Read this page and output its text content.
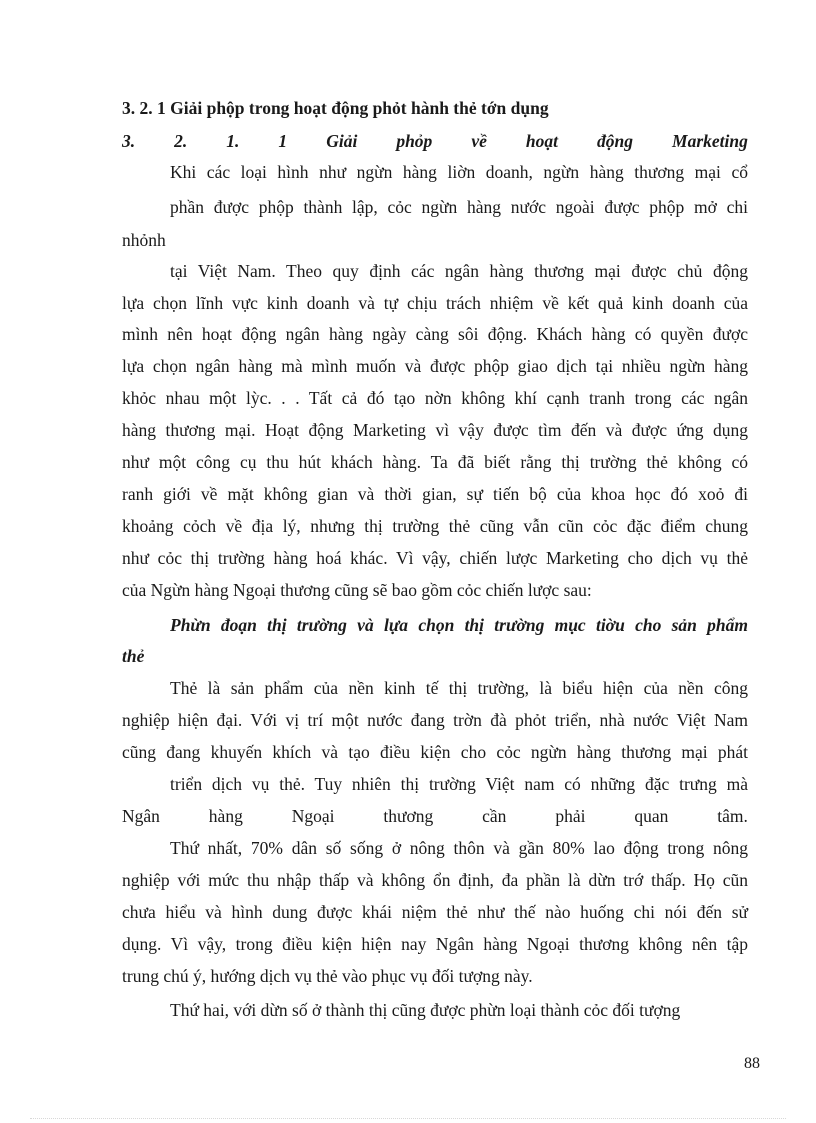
3. 2. 1 Giải phộp trong hoạt động phỏt hành thẻ tớn dụng
3. 2. 1. 1 Giải phỏp về hoạt động Marketing
Khi các loại hình như ngừn hàng liờn doanh, ngừn hàng thương mại cổ
phần được phộp thành lập, cỏc ngừn hàng nước ngoài được phộp mở chi
nhỏnh
tại Việt Nam. Theo quy định các ngân hàng thương mại được chủ động
lựa chọn lĩnh vực kinh doanh và tự chịu trách nhiệm về kết quả kinh doanh của
mình nên hoạt động ngân hàng ngày càng sôi động. Khách hàng có quyền được
lựa chọn ngân hàng mà mình muốn và được phộp giao dịch tại nhiều ngừn hàng
khỏc nhau một lỳc. . . Tất cả đó tạo nờn không khí cạnh tranh trong các ngân
hàng thương mại. Hoạt động Marketing vì vậy được tìm đến và được ứng dụng
như một công cụ thu hút khách hàng. Ta đã biết rằng thị trường thẻ không có
ranh giới về mặt không gian và thời gian, sự tiến bộ của khoa học đó xoỏ đi
khoảng cỏch về địa lý, nhưng thị trường thẻ cũng vẫn cũn cỏc đặc điểm chung
như cỏc thị trường hàng hoá khác. Vì vậy, chiến lược Marketing cho dịch vụ thẻ
của Ngừn hàng Ngoại thương cũng sẽ bao gồm cỏc chiến lược sau:
Phừn đoạn thị trường và lựa chọn thị trường mục tiờu cho sản phẩm
thẻ
Thẻ là sản phẩm của nền kinh tế thị trường, là biểu hiện của nền công
nghiệp hiện đại. Với vị trí một nước đang trờn đà phỏt triển, nhà nước Việt Nam
cũng đang khuyến khích và tạo điều kiện cho cỏc ngừn hàng thương mại phát
triển dịch vụ thẻ. Tuy nhiên thị trường Việt nam có những đặc trưng mà
Ngân	hàng	Ngoại	thương	cần	phải	quan	tâm.
Thứ nhất, 70% dân số sống ở nông thôn và gần 80% lao động trong nông
nghiệp với mức thu nhập thấp và không ổn định, đa phần là dừn trớ thấp. Họ cũn
chưa hiểu và hình dung được khái niệm thẻ như thế nào huống chi nói đến sử
dụng. Vì vậy, trong điều kiện hiện nay Ngân hàng Ngoại thương không nên tập
trung chú ý, hướng dịch vụ thẻ vào phục vụ đối tượng này.
Thứ hai, với dừn số ở thành thị cũng được phừn loại thành cỏc đối tượng
88
